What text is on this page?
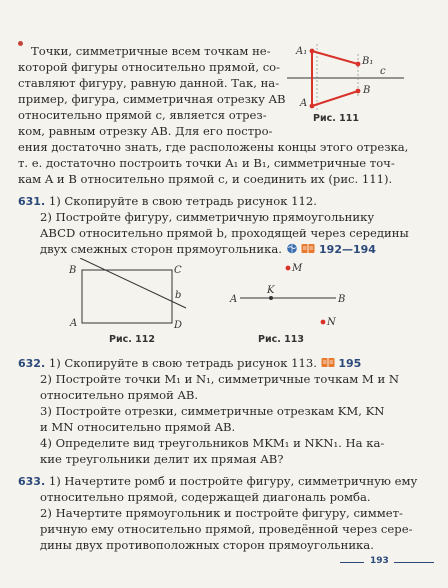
Точки, симметричные всем точкам не-

которой фигуры относительно прямой, со-

ставляют фигуру, равную данной. Так, на-

пример, фигура, симметричная отрезку AB

относительно прямой c, является отрез-

ком, равным отрезку AB. Для его постро-

ения достаточно знать, где расположены концы этого отрезка,

т. е. достаточно построить точки A₁ и B₁, симметричные точ-

кам A и B относительно прямой c, и соединить их (рис. 111).

A₁
B₁
c
A
B
Рис. 111

631. 1) Скопируйте в свою тетрадь рисунок 112.

2) Постройте фигуру, симметричную прямоугольнику

ABCD относительно прямой b, проходящей через середины

двух смежных сторон прямоугольника.	192—194

B	C
A	D
b
Рис. 112
M
K
A	B
N
Рис. 113

632. 1) Скопируйте в свою тетрадь рисунок 113. 195

2) Постройте точки M₁ и N₁, симметричные точкам M и N

относительно прямой AB.

3) Постройте отрезки, симметричные отрезкам KM, KN

и MN относительно прямой AB.

4) Определите вид треугольников MKM₁ и NKN₁. На ка-

кие треугольники делит их прямая AB?

633. 1) Начертите ромб и постройте фигуру, симметричную ему

относительно прямой, содержащей диагональ ромба.

2) Начертите прямоугольник и постройте фигуру, симмет-

ричную ему относительно прямой, проведённой через сере-

дины двух противоположных сторон прямоугольника.

193
